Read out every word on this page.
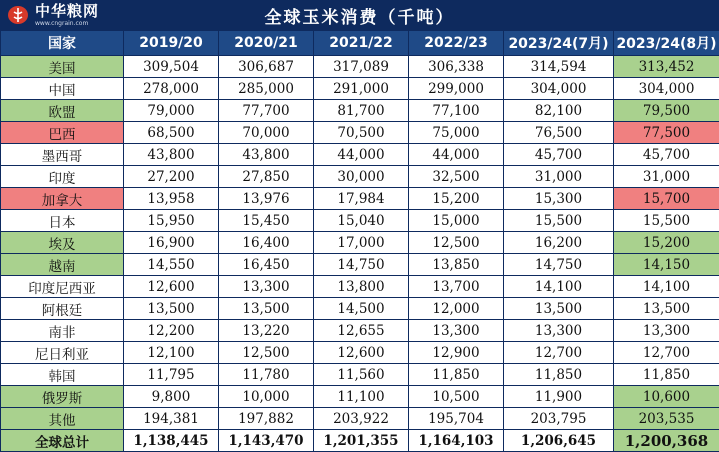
中华粮网
www.cngrain.com	全球玉米消费（千吨）
国家	2019/20	2020/21	2021/22	2022/23	2023/24(7月)	2023/24(8月)
美国	309,504	306,687	317,089	306,338	314,594	313,452
中国	278,000	285,000	291,000	299,000	304,000	304,000
欧盟	79,000	77,700	81,700	77,100	82,100	79,500
巴西	68,500	70,000	70,500	75,000	76,500	77,500
墨西哥	43,800	43,800	44,000	44,000	45,700	45,700
印度	27,200	27,850	30,000	32,500	31,000	31,000
加拿大	13,958	13,976	17,984	15,200	15,300	15,700
日本	15,950	15,450	15,040	15,000	15,500	15,500
埃及	16,900	16,400	17,000	12,500	16,200	15,200
越南	14,550	16,450	14,750	13,850	14,750	14,150
印度尼西亚	12,600	13,300	13,800	13,700	14,100	14,100
阿根廷	13,500	13,500	14,500	12,000	13,500	13,500
南非	12,200	13,220	12,655	13,300	13,300	13,300
尼日利亚	12,100	12,500	12,600	12,900	12,700	12,700
韩国	11,795	11,780	11,560	11,850	11,850	11,850
俄罗斯	9,800	10,000	11,100	10,500	11,900	10,600
其他	194,381	197,882	203,922	195,704	203,795	203,535
全球总计	1,138,445	1,143,470	1,201,355	1,164,103	1,206,645	1,200,368
